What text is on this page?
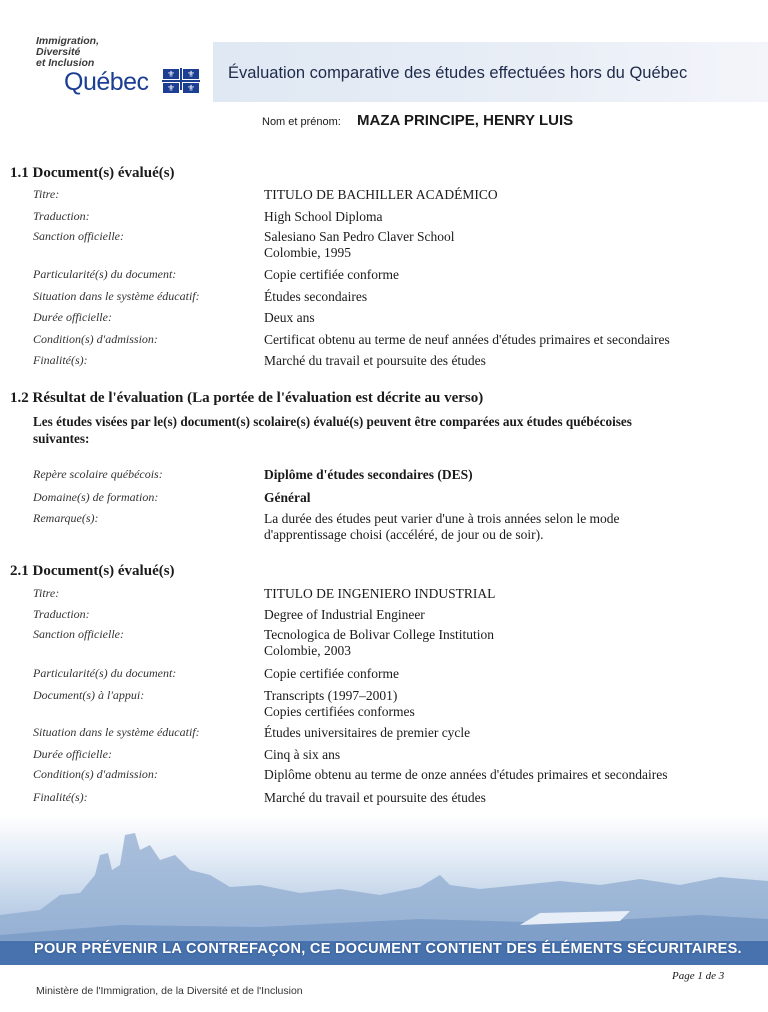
Immigration,
Diversité
et Inclusion
Québec	⚜	⚜
⚜	⚜
Évaluation comparative des études effectuées hors du Québec
Nom et prénom: MAZA PRINCIPE, HENRY LUIS
1.1 Document(s) évalué(s)
Titre:	TITULO DE BACHILLER ACADÉMICO
Traduction:	High School Diploma
Sanction officielle:	Salesiano San Pedro Claver School
Colombie, 1995
Particularité(s) du document:	Copie certifiée conforme
Situation dans le système éducatif:	Études secondaires
Durée officielle:	Deux ans
Condition(s) d'admission:	Certificat obtenu au terme de neuf années d'études primaires et secondaires
Finalité(s):	Marché du travail et poursuite des études
1.2 Résultat de l'évaluation (La portée de l'évaluation est décrite au verso)
Les études visées par le(s) document(s) scolaire(s) évalué(s) peuvent être comparées aux études québécoises
suivantes:
Repère scolaire québécois:	Diplôme d'études secondaires (DES)
Domaine(s) de formation:	Général
Remarque(s):	La durée des études peut varier d'une à trois années selon le mode
d'apprentissage choisi (accéléré, de jour ou de soir).
2.1 Document(s) évalué(s)
Titre:	TITULO DE INGENIERO INDUSTRIAL
Traduction:	Degree of Industrial Engineer
Sanction officielle:	Tecnologica de Bolivar College Institution
Colombie, 2003
Particularité(s) du document:	Copie certifiée conforme
Document(s) à l'appui:	Transcripts (1997–2001)
Copies certifiées conformes
Situation dans le système éducatif:	Études universitaires de premier cycle
Durée officielle:	Cinq à six ans
Condition(s) d'admission:	Diplôme obtenu au terme de onze années d'études primaires et secondaires
Finalité(s):	Marché du travail et poursuite des études
POUR PRÉVENIR LA CONTREFAÇON, CE DOCUMENT CONTIENT DES ÉLÉMENTS SÉCURITAIRES.
Page 1 de 3
Ministère de l'Immigration, de la Diversité et de l'Inclusion
